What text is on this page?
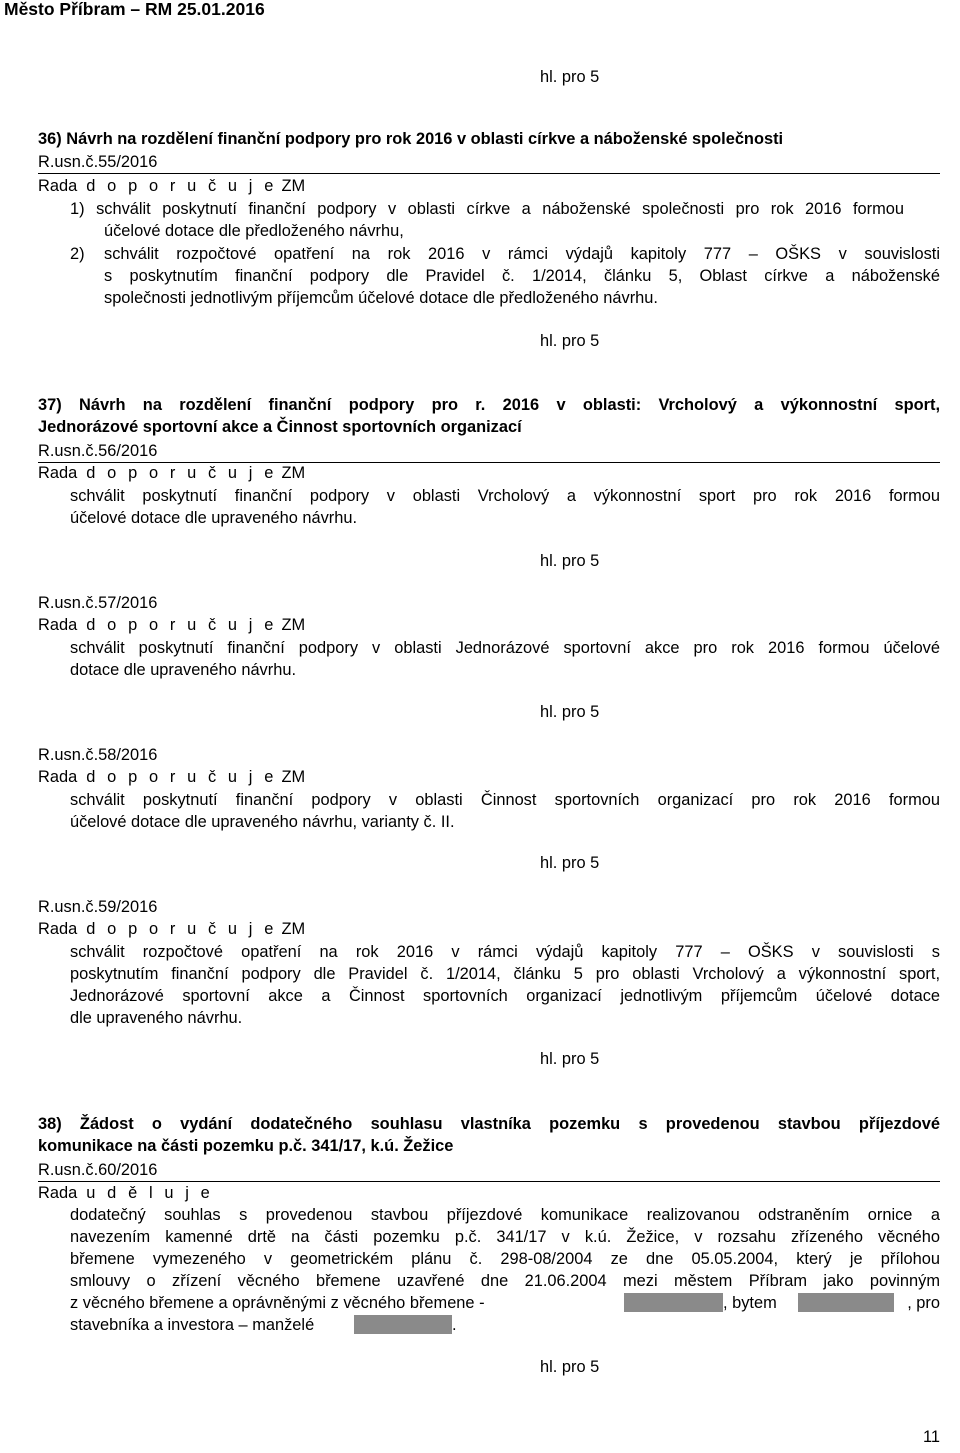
Město Příbram – RM 25.01.2016
hl. pro 5
36) Návrh na rozdělení finanční podpory pro rok 2016 v oblasti církve a náboženské společnosti
R.usn.č.55/2016
Rada d o p o r u č u j e ZM
1) schválit poskytnutí finanční podpory v oblasti církve a náboženské společnosti pro rok 2016 formou
účelové dotace dle předloženého návrhu,
2) schválit rozpočtové opatření na rok 2016 v rámci výdajů kapitoly 777 – OŠKS v souvislosti
s poskytnutím finanční podpory dle Pravidel č. 1/2014, článku 5, Oblast církve a náboženské
společnosti jednotlivým příjemcům účelové dotace dle předloženého návrhu.
hl. pro 5
37) Návrh na rozdělení finanční podpory pro r. 2016 v oblasti: Vrcholový a výkonnostní sport,
Jednorázové sportovní akce a Činnost sportovních organizací
R.usn.č.56/2016
Rada d o p o r u č u j e ZM
schválit poskytnutí finanční podpory v oblasti Vrcholový a výkonnostní sport pro rok 2016 formou
účelové dotace dle upraveného návrhu.
hl. pro 5
R.usn.č.57/2016
Rada d o p o r u č u j e ZM
schválit poskytnutí finanční podpory v oblasti Jednorázové sportovní akce pro rok 2016 formou účelové
dotace dle upraveného návrhu.
hl. pro 5
R.usn.č.58/2016
Rada d o p o r u č u j e ZM
schválit poskytnutí finanční podpory v oblasti Činnost sportovních organizací pro rok 2016 formou
účelové dotace dle upraveného návrhu, varianty č. II.
hl. pro 5
R.usn.č.59/2016
Rada d o p o r u č u j e ZM
schválit rozpočtové opatření na rok 2016 v rámci výdajů kapitoly 777 – OŠKS v souvislosti s
poskytnutím finanční podpory dle Pravidel č. 1/2014, článku 5 pro oblasti Vrcholový a výkonnostní sport,
Jednorázové sportovní akce a Činnost sportovních organizací jednotlivým příjemcům účelové dotace
dle upraveného návrhu.
hl. pro 5
38) Žádost o vydání dodatečného souhlasu vlastníka pozemku s provedenou stavbou příjezdové
komunikace na části pozemku p.č. 341/17, k.ú. Žežice
R.usn.č.60/2016
Rada u d ě l u j e
dodatečný souhlas s provedenou stavbou příjezdové komunikace realizovanou odstraněním ornice a
navezením kamenné drtě na části pozemku p.č. 341/17 v k.ú. Žežice, v rozsahu zřízeného věcného
břemene vymezeného v geometrickém plánu č. 298-08/2004 ze dne 05.05.2004, který je přílohou
smlouvy o zřízení věcného břemene uzavřené dne 21.06.2004 mezi městem Příbram jako povinným
z věcného břemene a oprávněnými z věcného břemene -	, bytem	, pro
stavebníka a investora – manželé	.
hl. pro 5
11
